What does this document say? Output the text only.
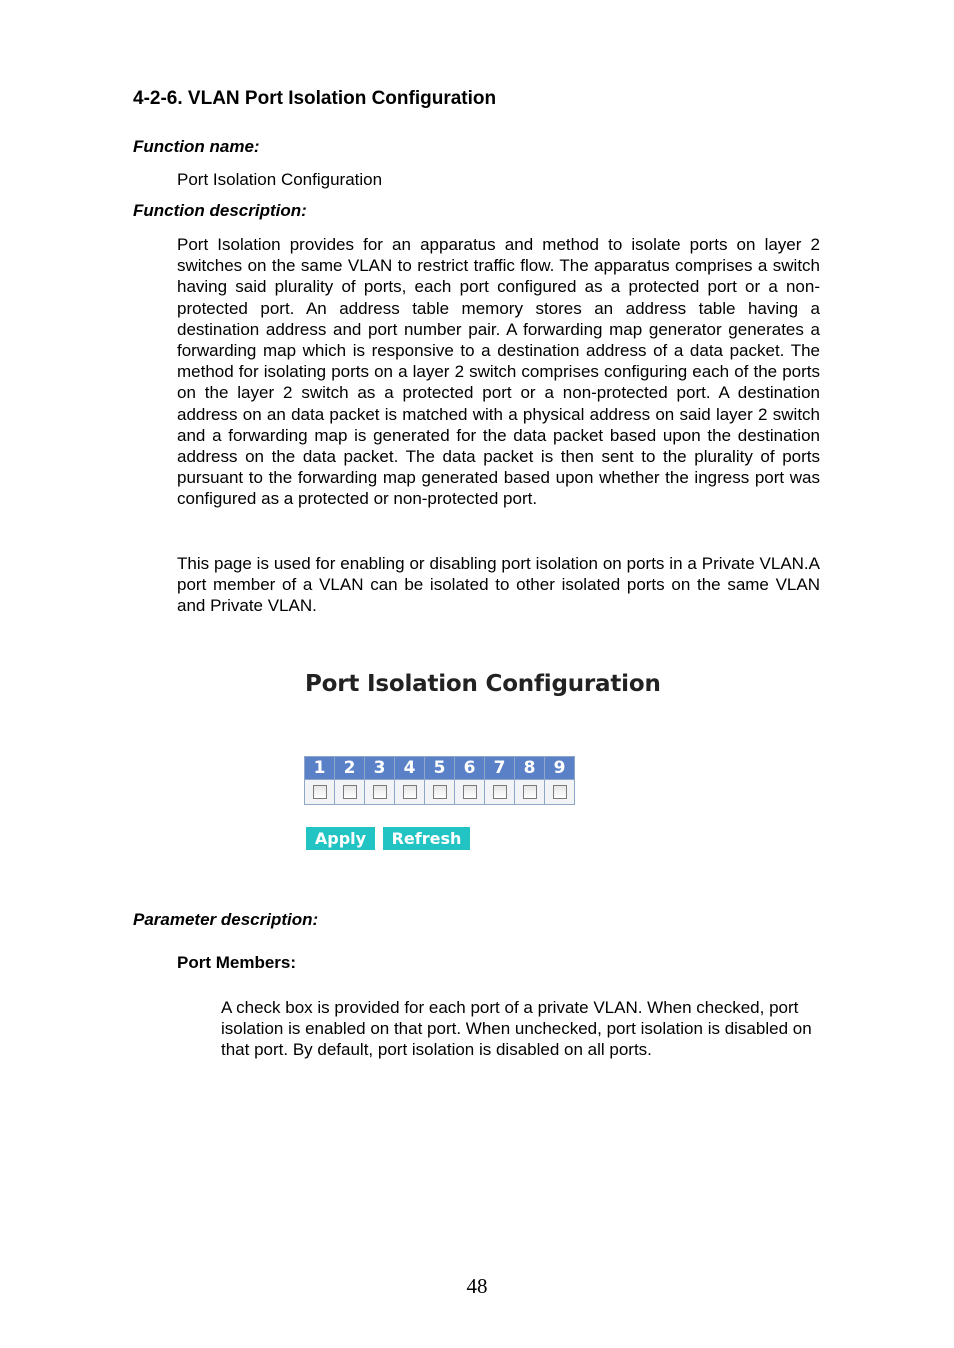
4-2-6. VLAN Port Isolation Configuration
Function name:
Port Isolation Configuration
Function description:
Port Isolation provides for an apparatus and method to isolate ports on layer 2 switches on the same VLAN to restrict traffic flow. The apparatus comprises a switch having said plurality of ports, each port configured as a protected port or a non-protected port. An address table memory stores an address table having a destination address and port number pair. A forwarding map generator generates a forwarding map which is responsive to a destination address of a data packet. The method for isolating ports on a layer 2 switch comprises configuring each of the ports on the layer 2 switch as a protected port or a non-protected port. A destination address on an data packet is matched with a physical address on said layer 2 switch and a forwarding map is generated for the data packet based upon the destination address on the data packet. The data packet is then sent to the plurality of ports pursuant to the forwarding map generated based upon whether the ingress port was configured as a protected or non-protected port.
This page is used for enabling or disabling port isolation on ports in a Private VLAN.A port member of a VLAN can be isolated to other isolated ports on the same VLAN and Private VLAN.
Port Isolation Configuration
1	2	3	4	5	6	7	8	9

Apply	Refresh
Parameter description:
Port Members:
A check box is provided for each port of a private VLAN. When checked, port isolation is enabled on that port. When unchecked, port isolation is disabled on that port. By default, port isolation is disabled on all ports.
48
